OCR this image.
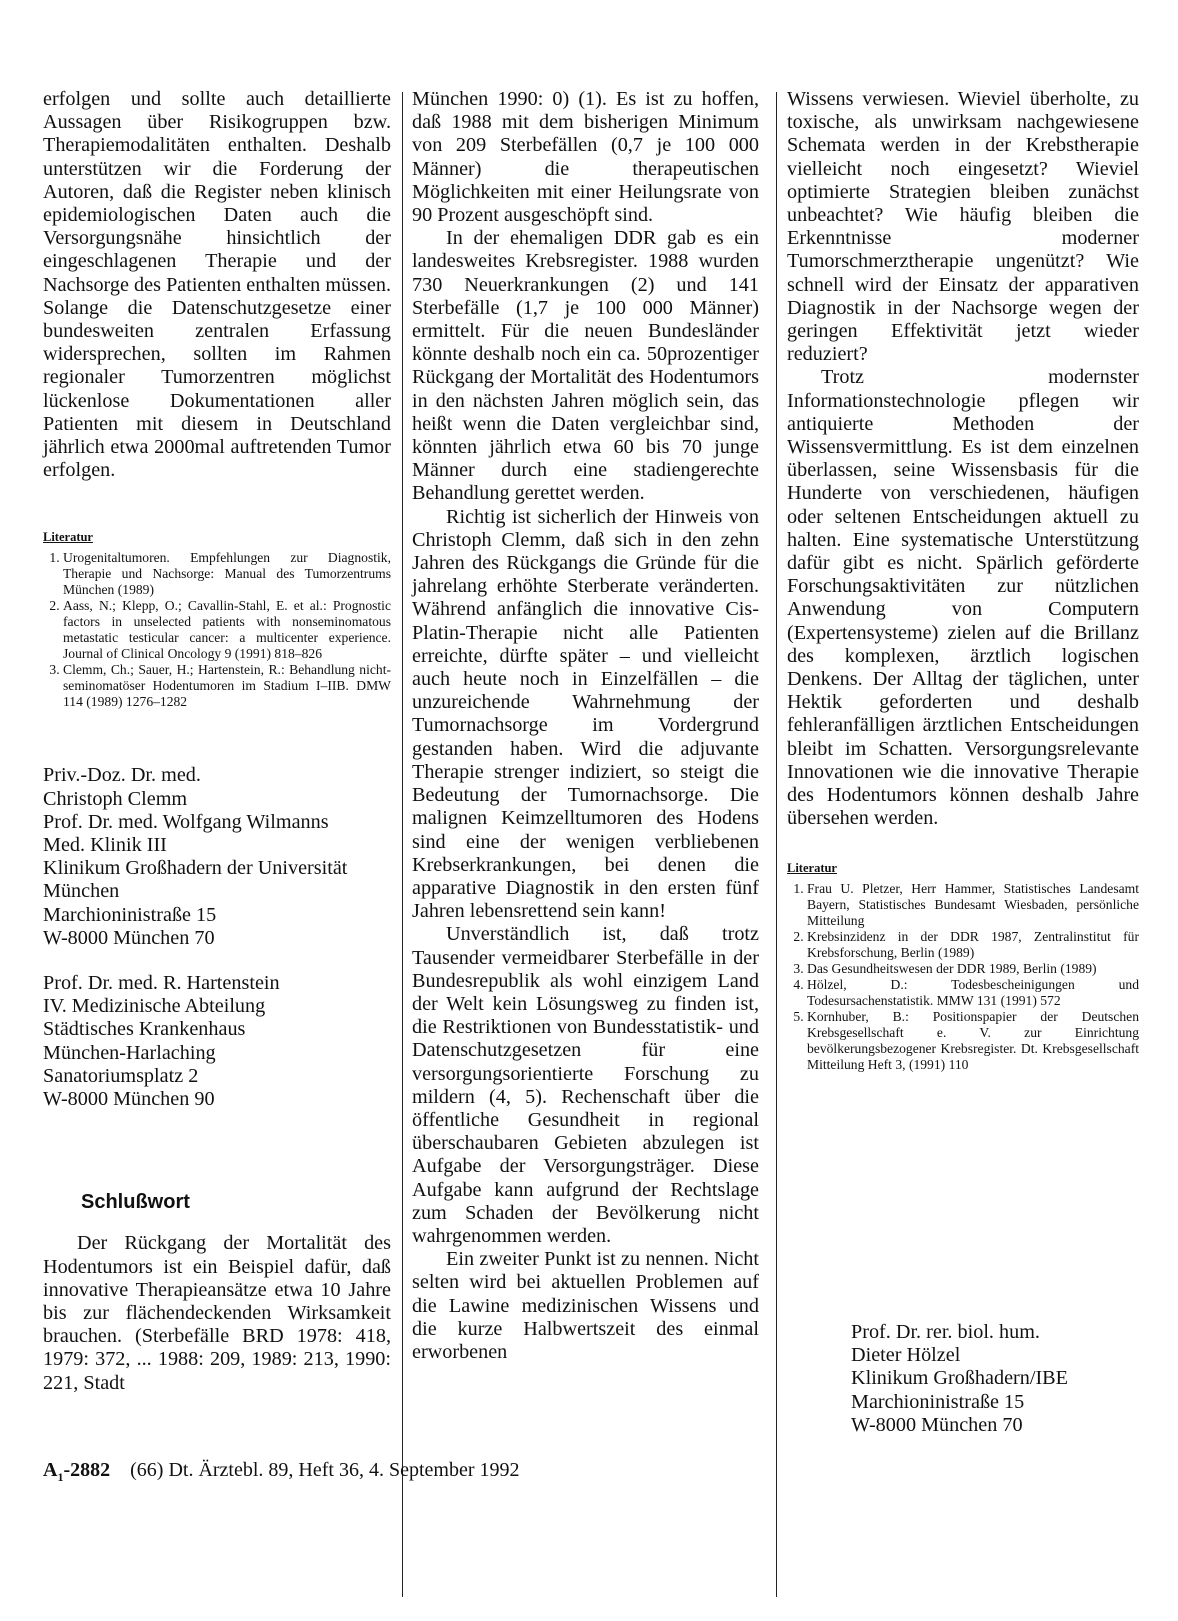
erfolgen und sollte auch detaillierte Aussagen über Risikogruppen bzw. Therapiemodalitäten enthalten. Deshalb unterstützen wir die Forderung der Autoren, daß die Register neben klinisch epidemiologischen Daten auch die Versorgungsnähe hinsichtlich der eingeschlagenen Therapie und der Nachsorge des Patienten enthalten müssen. Solange die Datenschutzgesetze einer bundesweiten zentralen Erfassung widersprechen, sollten im Rahmen regionaler Tumorzentren möglichst lückenlose Dokumentationen aller Patienten mit diesem in Deutschland jährlich etwa 2000mal auftretenden Tumor erfolgen.

Literatur
1. Urogenitaltumoren. Empfehlungen zur Diagnostik, Therapie und Nachsorge: Manual des Tumorzentrums München (1989)
2. Aass, N.; Klepp, O.; Cavallin-Stahl, E. et al.: Prognostic factors in unselected patients with nonseminomatous metastatic testicular cancer: a multicenter experience. Journal of Clinical Oncology 9 (1991) 818–826
3. Clemm, Ch.; Sauer, H.; Hartenstein, R.: Behandlung nicht-seminomatöser Hodentumoren im Stadium I–IIB. DMW 114 (1989) 1276–1282
Priv.-Doz. Dr. med.
Christoph Clemm
Prof. Dr. med. Wolfgang Wilmanns
Med. Klinik III
Klinikum Großhadern der Universität
München
Marchioninistraße 15
W-8000 München 70
Prof. Dr. med. R. Hartenstein
IV. Medizinische Abteilung
Städtisches Krankenhaus
München-Harlaching
Sanatoriumsplatz 2
W-8000 München 90
Schlußwort

Der Rückgang der Mortalität des Hodentumors ist ein Beispiel dafür, daß innovative Therapieansätze etwa 10 Jahre bis zur flächendeckenden Wirksamkeit brauchen. (Sterbefälle BRD 1978: 418, 1979: 372, ... 1988: 209, 1989: 213, 1990: 221, Stadt

München 1990: 0) (1). Es ist zu hoffen, daß 1988 mit dem bisherigen Minimum von 209 Sterbefällen (0,7 je 100 000 Männer) die therapeutischen Möglichkeiten mit einer Heilungsrate von 90 Prozent ausgeschöpft sind.

In der ehemaligen DDR gab es ein landesweites Krebsregister. 1988 wurden 730 Neuerkrankungen (2) und 141 Sterbefälle (1,7 je 100 000 Männer) ermittelt. Für die neuen Bundesländer könnte deshalb noch ein ca. 50prozentiger Rückgang der Mortalität des Hodentumors in den nächsten Jahren möglich sein, das heißt wenn die Daten vergleichbar sind, könnten jährlich etwa 60 bis 70 junge Männer durch eine stadiengerechte Behandlung gerettet werden.

Richtig ist sicherlich der Hinweis von Christoph Clemm, daß sich in den zehn Jahren des Rückgangs die Gründe für die jahrelang erhöhte Sterberate veränderten. Während anfänglich die innovative Cis-Platin-Therapie nicht alle Patienten erreichte, dürfte später – und vielleicht auch heute noch in Einzelfällen – die unzureichende Wahrnehmung der Tumornachsorge im Vordergrund gestanden haben. Wird die adjuvante Therapie strenger indiziert, so steigt die Bedeutung der Tumornachsorge. Die malignen Keimzelltumoren des Hodens sind eine der wenigen verbliebenen Krebserkrankungen, bei denen die apparative Diagnostik in den ersten fünf Jahren lebensrettend sein kann!

Unverständlich ist, daß trotz Tausender vermeidbarer Sterbefälle in der Bundesrepublik als wohl einzigem Land der Welt kein Lösungsweg zu finden ist, die Restriktionen von Bundesstatistik- und Datenschutzgesetzen für eine versorgungsorientierte Forschung zu mildern (4, 5). Rechenschaft über die öffentliche Gesundheit in regional überschaubaren Gebieten abzulegen ist Aufgabe der Versorgungsträger. Diese Aufgabe kann aufgrund der Rechtslage zum Schaden der Bevölkerung nicht wahrgenommen werden.

Ein zweiter Punkt ist zu nennen. Nicht selten wird bei aktuellen Problemen auf die Lawine medizinischen Wissens und die kurze Halbwertszeit des einmal erworbenen

Wissens verwiesen. Wieviel überholte, zu toxische, als unwirksam nachgewiesene Schemata werden in der Krebstherapie vielleicht noch eingesetzt? Wieviel optimierte Strategien bleiben zunächst unbeachtet? Wie häufig bleiben die Erkenntnisse moderner Tumorschmerztherapie ungenützt? Wie schnell wird der Einsatz der apparativen Diagnostik in der Nachsorge wegen der geringen Effektivität jetzt wieder reduziert?

Trotz modernster Informationstechnologie pflegen wir antiquierte Methoden der Wissensvermittlung. Es ist dem einzelnen überlassen, seine Wissensbasis für die Hunderte von verschiedenen, häufigen oder seltenen Entscheidungen aktuell zu halten. Eine systematische Unterstützung dafür gibt es nicht. Spärlich geförderte Forschungsaktivitäten zur nützlichen Anwendung von Computern (Expertensysteme) zielen auf die Brillanz des komplexen, ärztlich logischen Denkens. Der Alltag der täglichen, unter Hektik geforderten und deshalb fehleranfälligen ärztlichen Entscheidungen bleibt im Schatten. Versorgungsrelevante Innovationen wie die innovative Therapie des Hodentumors können deshalb Jahre übersehen werden.

Literatur
1. Frau U. Pletzer, Herr Hammer, Statistisches Landesamt Bayern, Statistisches Bundesamt Wiesbaden, persönliche Mitteilung
2. Krebsinzidenz in der DDR 1987, Zentralinstitut für Krebsforschung, Berlin (1989)
3. Das Gesundheitswesen der DDR 1989, Berlin (1989)
4. Hölzel, D.: Todesbescheinigungen und Todesursachenstatistik. MMW 131 (1991) 572
5. Kornhuber, B.: Positionspapier der Deutschen Krebsgesellschaft e. V. zur Einrichtung bevölkerungsbezogener Krebsregister. Dt. Krebsgesellschaft Mitteilung Heft 3, (1991) 110
Prof. Dr. rer. biol. hum.
Dieter Hölzel
Klinikum Großhadern/IBE
Marchioninistraße 15
W-8000 München 70
$A_1-2882$ (66) Dt. Ärztebl. 89, Heft 36, 4. September 1992
